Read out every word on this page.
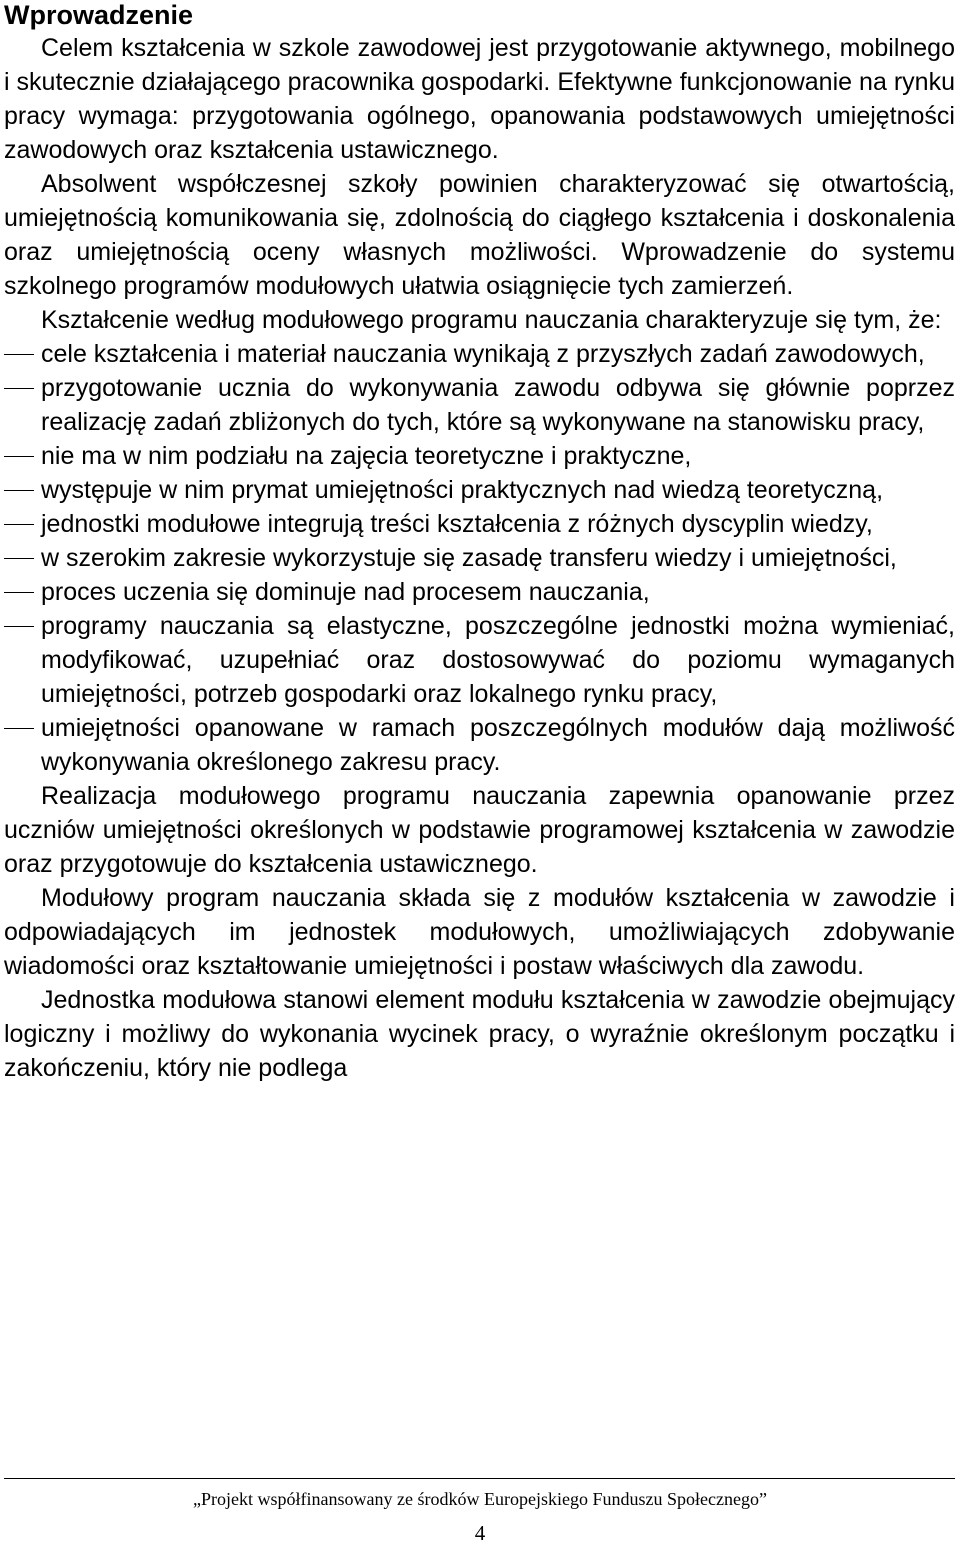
Wprowadzenie

Celem kształcenia w szkole zawodowej jest przygotowanie aktywnego, mobilnego i skutecznie działającego pracownika gospodarki. Efektywne funkcjonowanie na rynku pracy wymaga: przygotowania ogólnego, opanowania podstawowych umiejętności zawodowych oraz kształcenia ustawicznego.

Absolwent współczesnej szkoły powinien charakteryzować się otwartością, umiejętnością komunikowania się, zdolnością do ciągłego kształcenia i doskonalenia oraz umiejętnością oceny własnych możliwości. Wprowadzenie do systemu szkolnego programów modułowych ułatwia osiągnięcie tych zamierzeń.

Kształcenie według modułowego programu nauczania charakteryzuje się tym, że:

cele kształcenia i materiał nauczania wynikają z przyszłych zadań zawodowych,
przygotowanie ucznia do wykonywania zawodu odbywa się głównie poprzez realizację zadań zbliżonych do tych, które są wykonywane na stanowisku pracy,
nie ma w nim podziału na zajęcia teoretyczne i praktyczne,
występuje w nim prymat umiejętności praktycznych nad wiedzą teoretyczną,
jednostki modułowe integrują treści kształcenia z różnych dyscyplin wiedzy,
w szerokim zakresie wykorzystuje się zasadę transferu wiedzy i umiejętności,
proces uczenia się dominuje nad procesem nauczania,
programy nauczania są elastyczne, poszczególne jednostki można wymieniać, modyfikować, uzupełniać oraz dostosowywać do poziomu wymaganych umiejętności, potrzeb gospodarki oraz lokalnego rynku pracy,
umiejętności opanowane w ramach poszczególnych modułów dają możliwość wykonywania określonego zakresu pracy.

Realizacja modułowego programu nauczania zapewnia opanowanie przez uczniów umiejętności określonych w podstawie programowej kształcenia w zawodzie oraz przygotowuje do kształcenia ustawicznego.

Modułowy program nauczania składa się z modułów kształcenia w zawodzie i odpowiadających im jednostek modułowych, umożliwiających zdobywanie wiadomości oraz kształtowanie umiejętności i postaw właściwych dla zawodu.

Jednostka modułowa stanowi element modułu kształcenia w zawodzie obejmujący logiczny i możliwy do wykonania wycinek pracy, o wyraźnie określonym początku i zakończeniu, który nie podlega

„Projekt współfinansowany ze środków Europejskiego Funduszu Społecznego”
4
